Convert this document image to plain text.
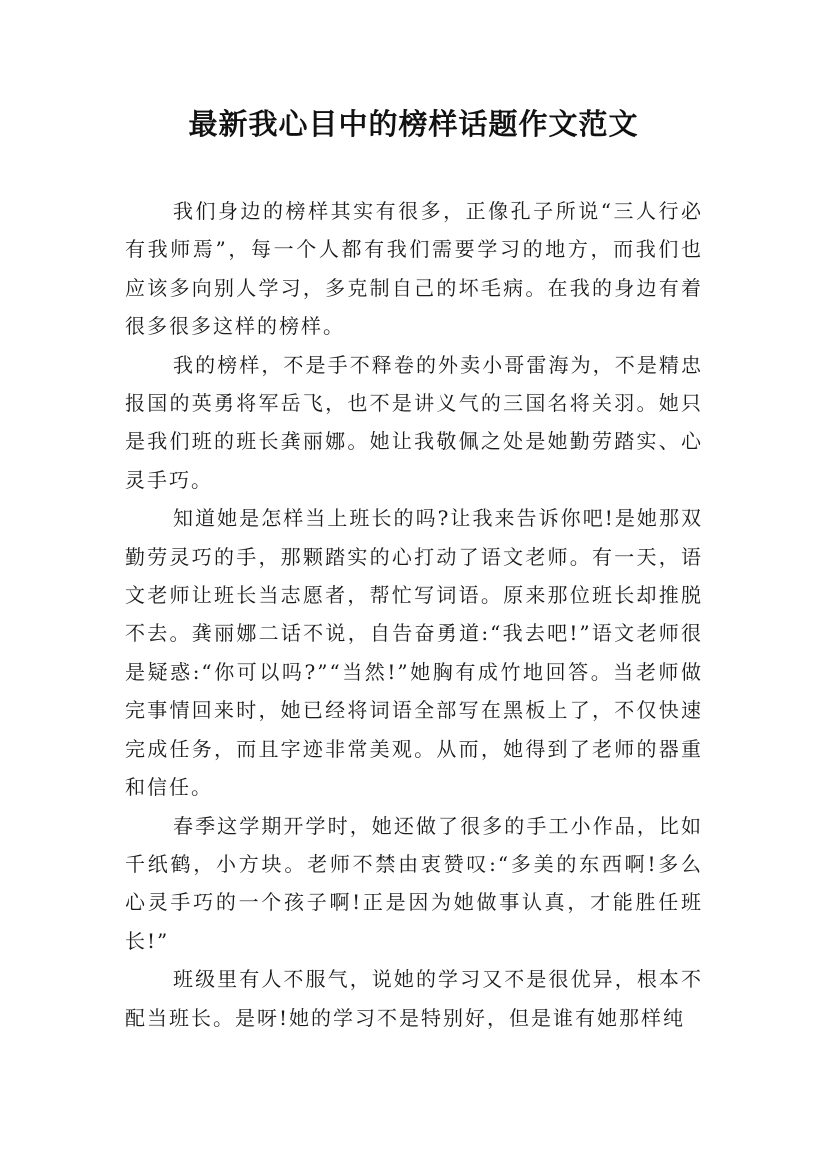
最新我心目中的榜样话题作文范文

我们身边的榜样其实有很多，正像孔子所说“三人行必有我师焉”，每一个人都有我们需要学习的地方，而我们也应该多向别人学习，多克制自己的坏毛病。在我的身边有着很多很多这样的榜样。

我的榜样，不是手不释卷的外卖小哥雷海为，不是精忠报国的英勇将军岳飞，也不是讲义气的三国名将关羽。她只是我们班的班长龚丽娜。她让我敬佩之处是她勤劳踏实、心灵手巧。

知道她是怎样当上班长的吗?让我来告诉你吧!是她那双勤劳灵巧的手，那颗踏实的心打动了语文老师。有一天，语文老师让班长当志愿者，帮忙写词语。原来那位班长却推脱不去。龚丽娜二话不说，自告奋勇道:“我去吧!”语文老师很是疑惑:“你可以吗?”“当然!”她胸有成竹地回答。当老师做完事情回来时，她已经将词语全部写在黑板上了，不仅快速完成任务，而且字迹非常美观。从而，她得到了老师的器重和信任。

春季这学期开学时，她还做了很多的手工小作品，比如千纸鹤，小方块。老师不禁由衷赞叹:“多美的东西啊!多么心灵手巧的一个孩子啊!正是因为她做事认真，才能胜任班长!”

班级里有人不服气，说她的学习又不是很优异，根本不配当班长。是呀!她的学习不是特别好，但是谁有她那样纯
